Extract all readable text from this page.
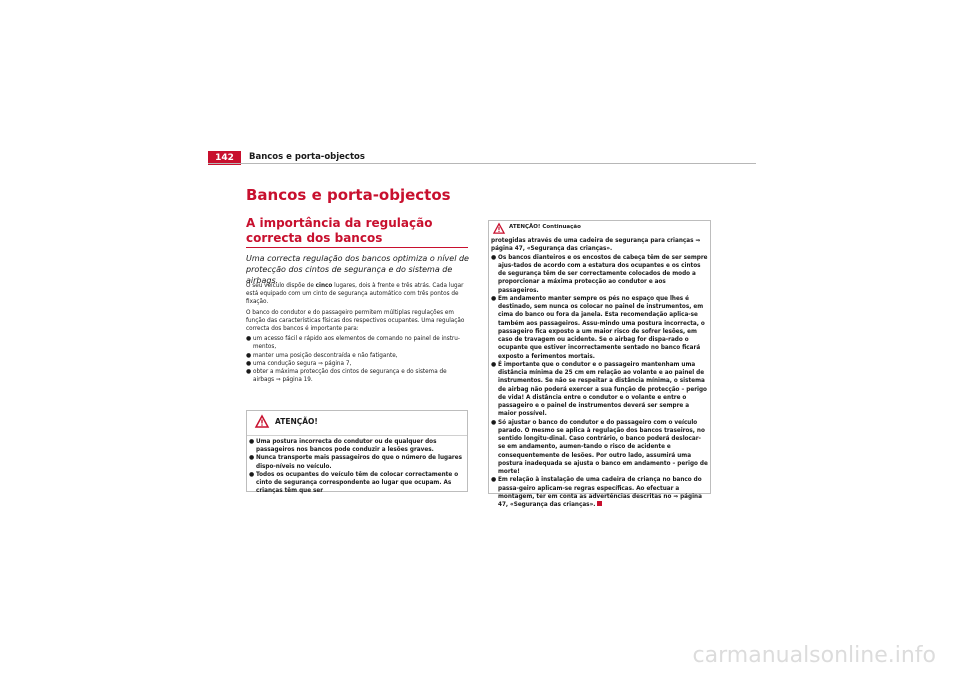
142	Bancos e porta-objectos
Bancos e porta-objectos
A importância da regulação correcta dos bancos

Uma correcta regulação dos bancos optimiza o nível de protecção dos cintos de segurança e do sistema de airbags.

O seu veículo dispõe de cinco lugares, dois à frente e três atrás. Cada lugar está equipado com um cinto de segurança automático com três pontos de fixação.

O banco do condutor e do passageiro permitem múltiplas regulações em função das características físicas dos respectivos ocupantes. Uma regulação correcta dos bancos é importante para:

● um acesso fácil e rápido aos elementos de comando no painel de instru-mentos,
● manter uma posição descontraída e não fatigante,
● uma condução segura ⇒ página 7,
● obter a máxima protecção dos cintos de segurança e do sistema de airbags ⇒ página 19.
ATENÇÃO!
● Uma postura incorrecta do condutor ou de qualquer dos passageiros nos bancos pode conduzir a lesões graves.
● Nunca transporte mais passageiros do que o número de lugares dispo-níveis no veículo.
● Todos os ocupantes do veículo têm de colocar correctamente o cinto de segurança correspondente ao lugar que ocupam. As crianças têm que ser
ATENÇÃO! Continuação

protegidas através de uma cadeira de segurança para crianças ⇒ página 47, «Segurança das crianças».

● Os bancos dianteiros e os encostos de cabeça têm de ser sempre ajus-tados de acordo com a estatura dos ocupantes e os cintos de segurança têm de ser correctamente colocados de modo a proporcionar a máxima protecção ao condutor e aos passageiros.
● Em andamento manter sempre os pés no espaço que lhes é destinado, sem nunca os colocar no painel de instrumentos, em cima do banco ou fora da janela. Esta recomendação aplica-se também aos passageiros. Assu-mindo uma postura incorrecta, o passageiro fica exposto a um maior risco de sofrer lesões, em caso de travagem ou acidente. Se o airbag for dispa-rado o ocupante que estiver incorrectamente sentado no banco ficará exposto a ferimentos mortais.
● É importante que o condutor e o passageiro mantenham uma distância mínima de 25 cm em relação ao volante e ao painel de instrumentos. Se não se respeitar a distância mínima, o sistema de airbag não poderá exercer a sua função de protecção – perigo de vida! A distância entre o condutor e o volante e entre o passageiro e o painel de instrumentos deverá ser sempre a maior possível.
● Só ajustar o banco do condutor e do passageiro com o veículo parado. O mesmo se aplica à regulação dos bancos traseiros, no sentido longitu-dinal. Caso contrário, o banco poderá deslocar-se em andamento, aumen-tando o risco de acidente e consequentemente de lesões. Por outro lado, assumirá uma postura inadequada se ajusta o banco em andamento – perigo de morte!
● Em relação à instalação de uma cadeira de criança no banco do passa-geiro aplicam-se regras específicas. Ao efectuar a montagem, ter em conta as advertências descritas no ⇒ página 47, «Segurança das crianças».
carmanualsonline.info
